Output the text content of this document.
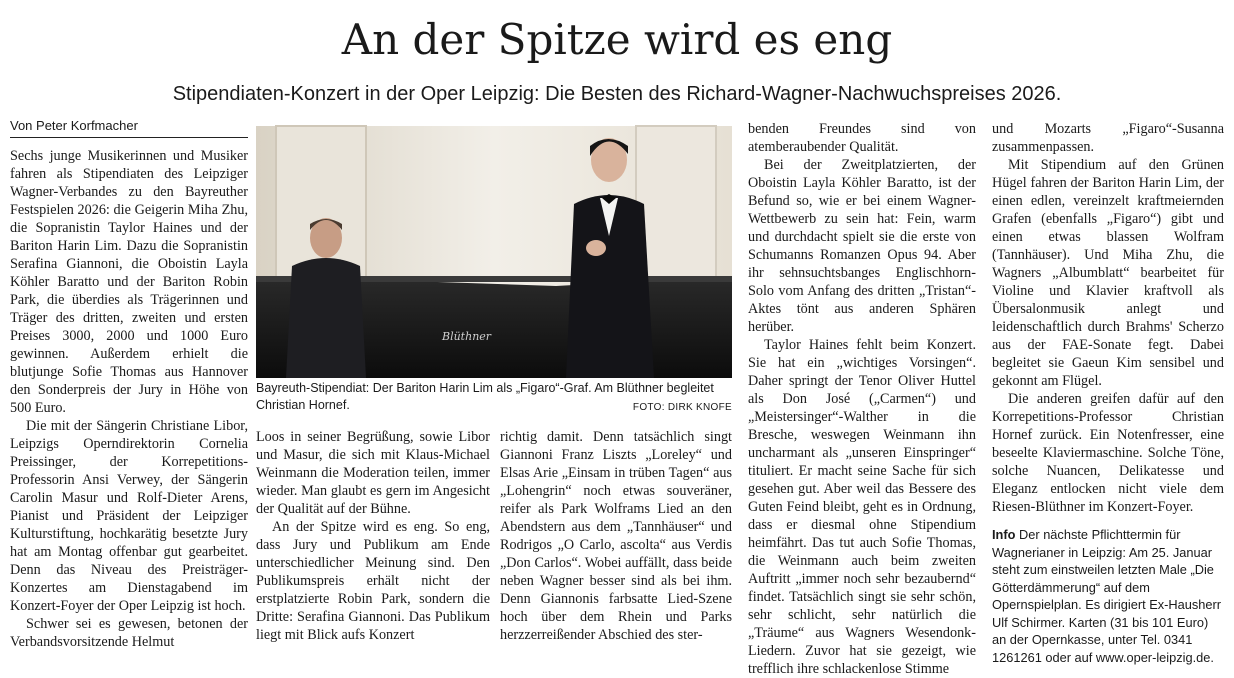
An der Spitze wird es eng
Stipendiaten-Konzert in der Oper Leipzig: Die Besten des Richard-Wagner-Nachwuchspreises 2026.
Von Peter Korfmacher

Sechs junge Musikerinnen und Musiker fahren als Stipendiaten des Leipziger Wagner-Verbandes zu den Bayreuther Festspielen 2026: die Geigerin Miha Zhu, die Sopranistin Taylor Haines und der Bariton Harin Lim. Dazu die Sopranistin Serafina Giannoni, die Oboistin Layla Köhler Baratto und der Bariton Robin Park, die überdies als Trägerinnen und Träger des dritten, zweiten und ersten Preises 3000, 2000 und 1000 Euro gewinnen. Außerdem erhielt die blutjunge Sofie Thomas aus Hannover den Sonderpreis der Jury in Höhe von 500 Euro.

Die mit der Sängerin Christiane Libor, Leipzigs Operndirektorin Cornelia Preissinger, der Korrepetitions-Professorin Ansi Verwey, der Sängerin Carolin Masur und Rolf-Dieter Arens, Pianist und Präsident der Leipziger Kulturstiftung, hochkarätig besetzte Jury hat am Montag offenbar gut gearbeitet. Denn das Niveau des Preisträger-Konzertes am Dienstagabend im Konzert-Foyer der Oper Leipzig ist hoch.

Schwer sei es gewesen, betonen der Verbandsvorsitzende Helmut

Blüthner
Bayreuth-Stipendiat: Der Bariton Harin Lim als „Figaro“-Graf. Am Blüthner begleitet Christian Hornef.	FOTO: DIRK KNOFE

Loos in seiner Begrüßung, sowie Libor und Masur, die sich mit Klaus-Michael Weinmann die Moderation teilen, immer wieder. Man glaubt es gern im Angesicht der Qualität auf der Bühne.

An der Spitze wird es eng. So eng, dass Jury und Publikum am Ende unterschiedlicher Meinung sind. Den Publikumspreis erhält nicht der erstplatzierte Robin Park, sondern die Dritte: Serafina Giannoni. Das Publikum liegt mit Blick aufs Konzert

richtig damit. Denn tatsächlich singt Giannoni Franz Liszts „Loreley“ und Elsas Arie „Einsam in trüben Tagen“ aus „Lohengrin“ noch etwas souveräner, reifer als Park Wolframs Lied an den Abendstern aus dem „Tannhäuser“ und Rodrigos „O Carlo, ascolta“ aus Verdis „Don Carlos“. Wobei auffällt, dass beide neben Wagner besser sind als bei ihm. Denn Giannonis farbsatte Lied-Szene hoch über dem Rhein und Parks herzzerreißender Abschied des ster-

benden Freundes sind von atemberaubender Qualität.

Bei der Zweitplatzierten, der Oboistin Layla Köhler Baratto, ist der Befund so, wie er bei einem Wagner-Wettbewerb zu sein hat: Fein, warm und durchdacht spielt sie die erste von Schumanns Romanzen Opus 94. Aber ihr sehnsuchtsbanges Englischhorn-Solo vom Anfang des dritten „Tristan“-Aktes tönt aus anderen Sphären herüber.

Taylor Haines fehlt beim Konzert. Sie hat ein „wichtiges Vorsingen“. Daher springt der Tenor Oliver Huttel als Don José („Carmen“) und „Meistersinger“-Walther in die Bresche, weswegen Weinmann ihn uncharmant als „unseren Einspringer“ tituliert. Er macht seine Sache für sich gesehen gut. Aber weil das Bessere des Guten Feind bleibt, geht es in Ordnung, dass er diesmal ohne Stipendium heimfährt. Das tut auch Sofie Thomas, die Weinmann auch beim zweiten Auftritt „immer noch sehr bezaubernd“ findet. Tatsächlich singt sie sehr schön, sehr schlicht, sehr natürlich die „Träume“ aus Wagners Wesendonk-Liedern. Zuvor hat sie gezeigt, wie trefflich ihre schlackenlose Stimme

und Mozarts „Figaro“-Susanna zusammenpassen.

Mit Stipendium auf den Grünen Hügel fahren der Bariton Harin Lim, der einen edlen, vereinzelt kraftmeiernden Grafen (ebenfalls „Figaro“) gibt und einen etwas blassen Wolfram (Tannhäuser). Und Miha Zhu, die Wagners „Albumblatt“ bearbeitet für Violine und Klavier kraftvoll als Übersalonmusik anlegt und leidenschaftlich durch Brahms' Scherzo aus der FAE-Sonate fegt. Dabei begleitet sie Gaeun Kim sensibel und gekonnt am Flügel.

Die anderen greifen dafür auf den Korrepetitions-Professor Christian Hornef zurück. Ein Notenfresser, eine beseelte Klaviermaschine. Solche Töne, solche Nuancen, Delikatesse und Eleganz entlocken nicht viele dem Riesen-Blüthner im Konzert-Foyer.

Info Der nächste Pflichttermin für Wagnerianer in Leipzig: Am 25. Januar steht zum einstweilen letzten Male „Die Götterdämmerung“ auf dem Opernspielplan. Es dirigiert Ex-Hausherr Ulf Schirmer. Karten (31 bis 101 Euro) an der Opernkasse, unter Tel. 0341 1261261 oder auf www.oper-leipzig.de.
